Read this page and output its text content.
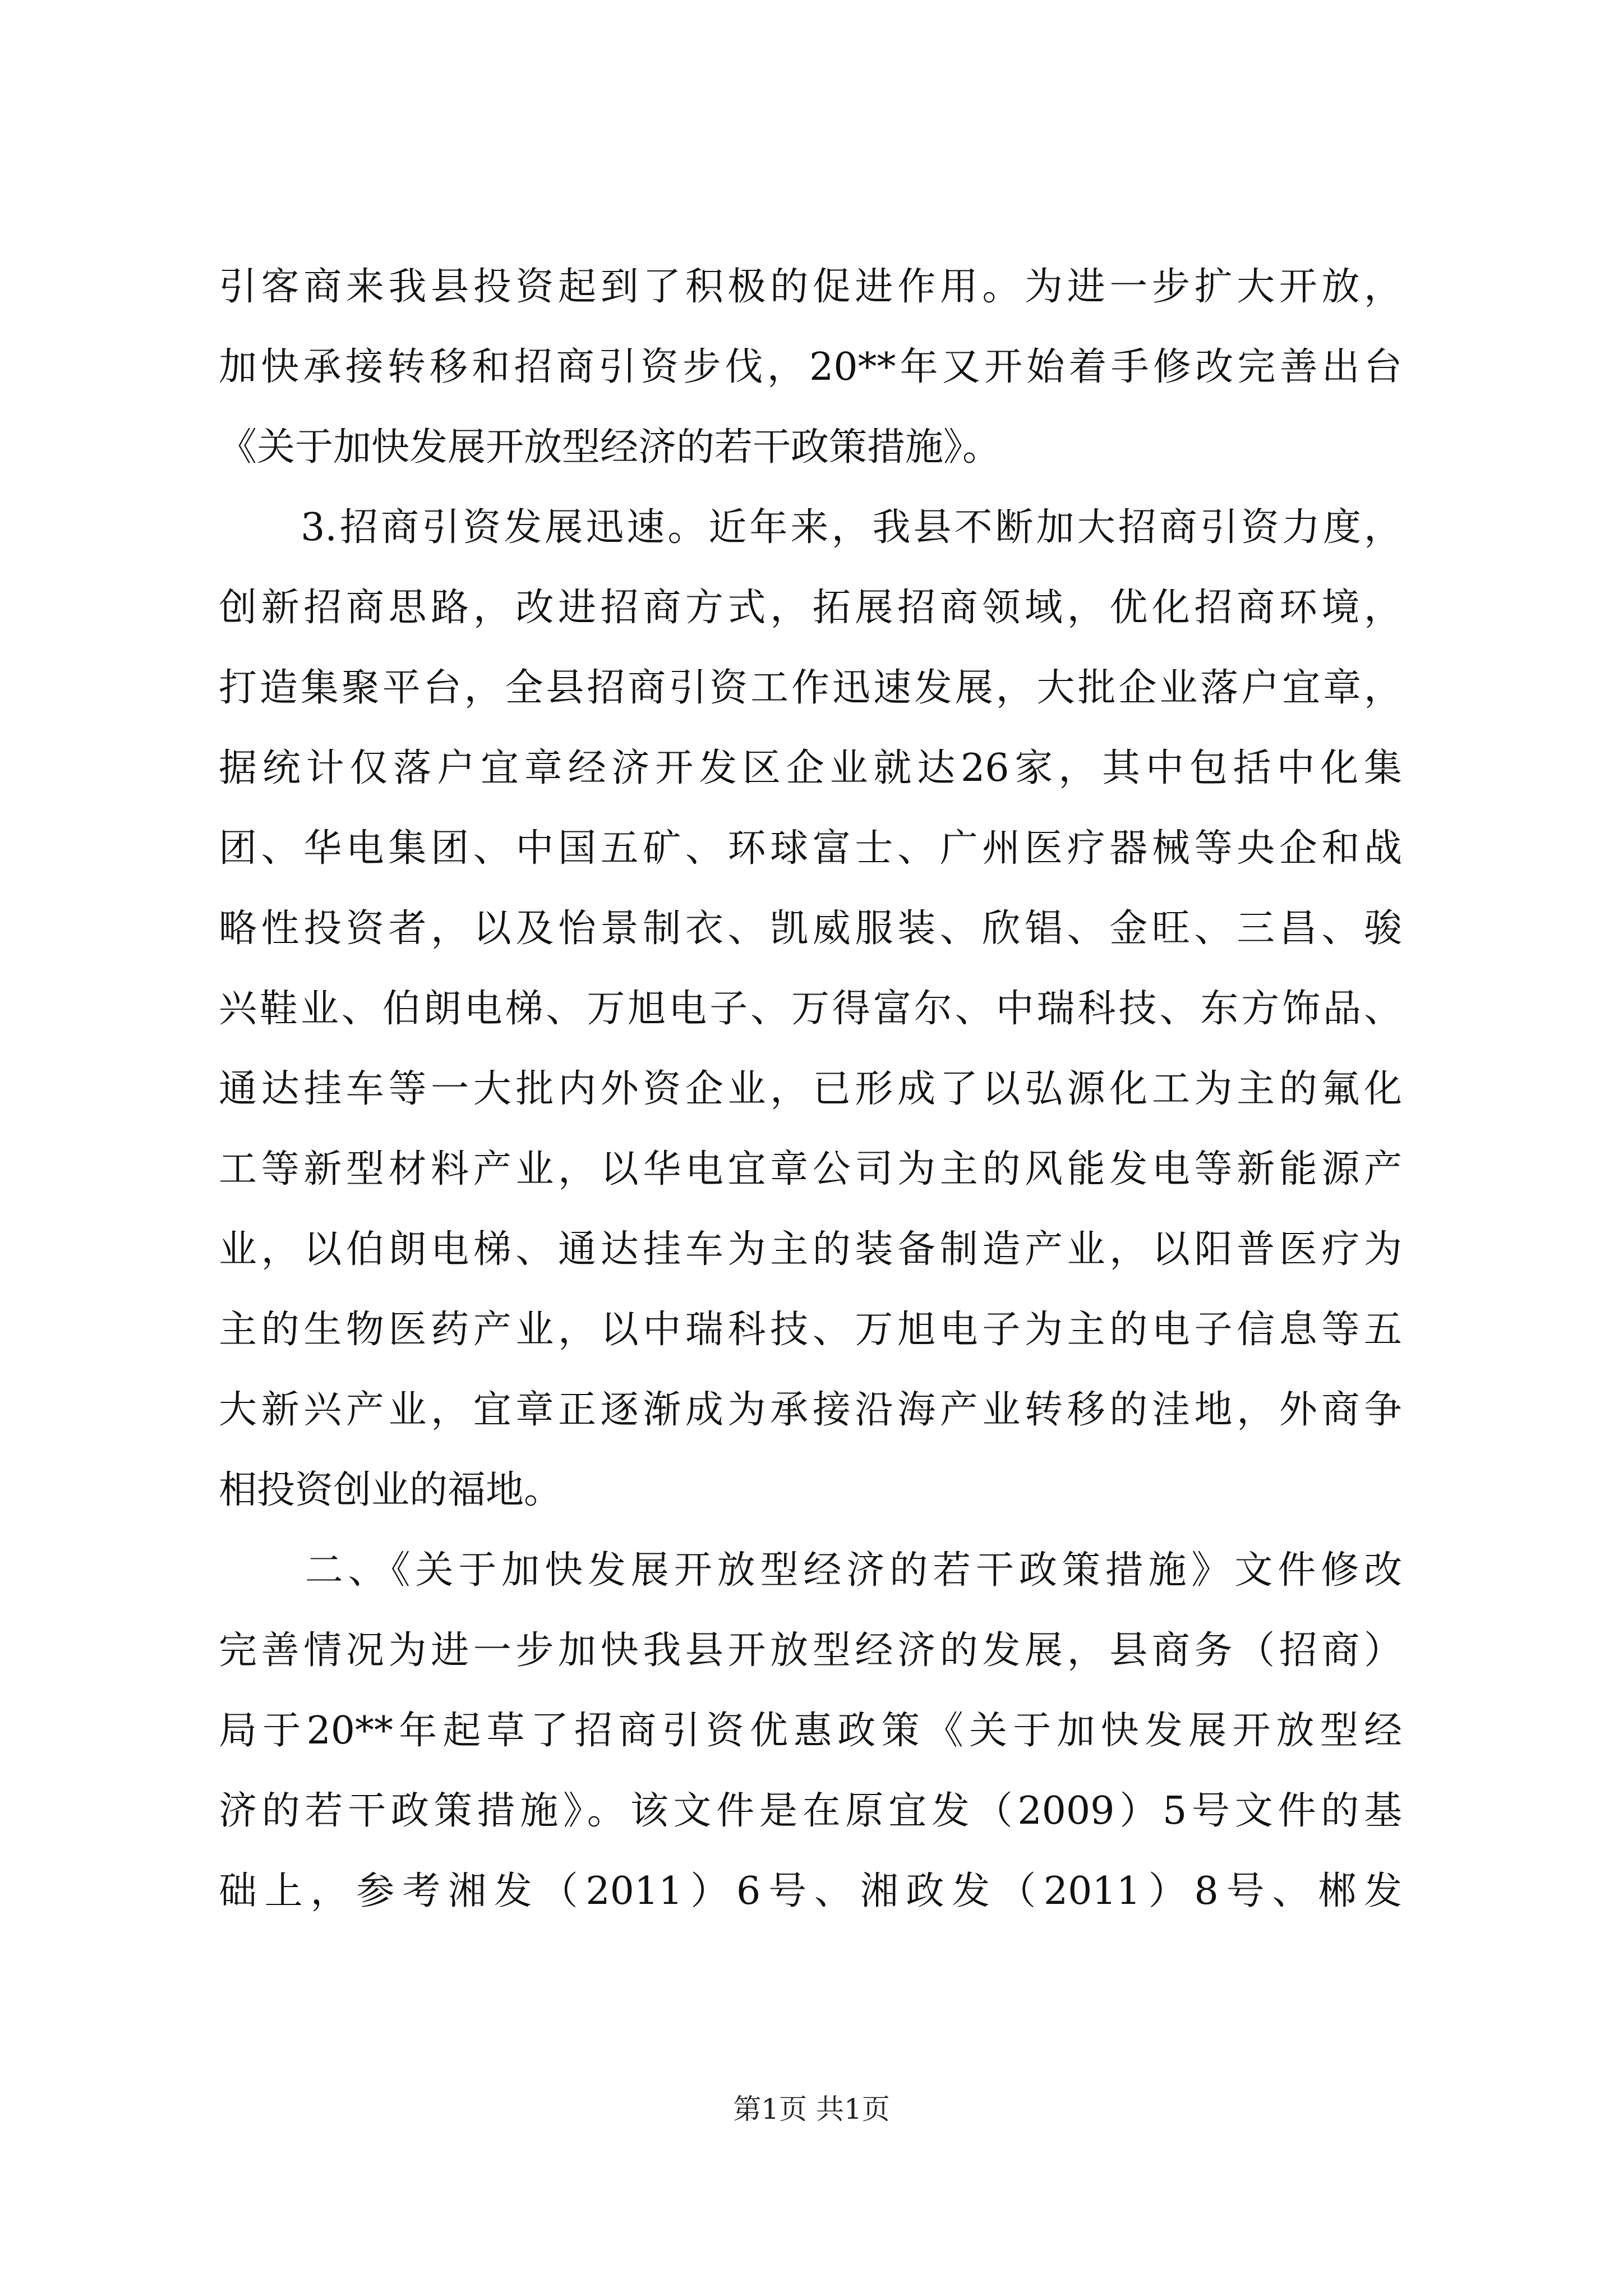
引客商来我县投资起到了积极的促进作用。为进一步扩大开放，
加快承接转移和招商引资步伐，20**年又开始着手修改完善出台
《关于加快发展开放型经济的若干政策措施》。
　　3.招商引资发展迅速。近年来，我县不断加大招商引资力度，
创新招商思路，改进招商方式，拓展招商领域，优化招商环境，
打造集聚平台，全县招商引资工作迅速发展，大批企业落户宜章，
据统计仅落户宜章经济开发区企业就达26家，其中包括中化集
团、华电集团、中国五矿、环球富士、广州医疗器械等央企和战
略性投资者，以及怡景制衣、凯威服装、欣锠、金旺、三昌、骏
兴鞋业、伯朗电梯、万旭电子、万得富尔、中瑞科技、东方饰品、
通达挂车等一大批内外资企业，已形成了以弘源化工为主的氟化
工等新型材料产业，以华电宜章公司为主的风能发电等新能源产
业，以伯朗电梯、通达挂车为主的装备制造产业，以阳普医疗为
主的生物医药产业，以中瑞科技、万旭电子为主的电子信息等五
大新兴产业，宜章正逐渐成为承接沿海产业转移的洼地，外商争
相投资创业的福地。
　　二、《关于加快发展开放型经济的若干政策措施》文件修改
完善情况为进一步加快我县开放型经济的发展，县商务（招商）
局于20**年起草了招商引资优惠政策《关于加快发展开放型经
济的若干政策措施》。该文件是在原宜发（2009）5号文件的基
础上，参考湘发（2011）6号、湘政发（2011）8号、郴发
第1页 共1页
